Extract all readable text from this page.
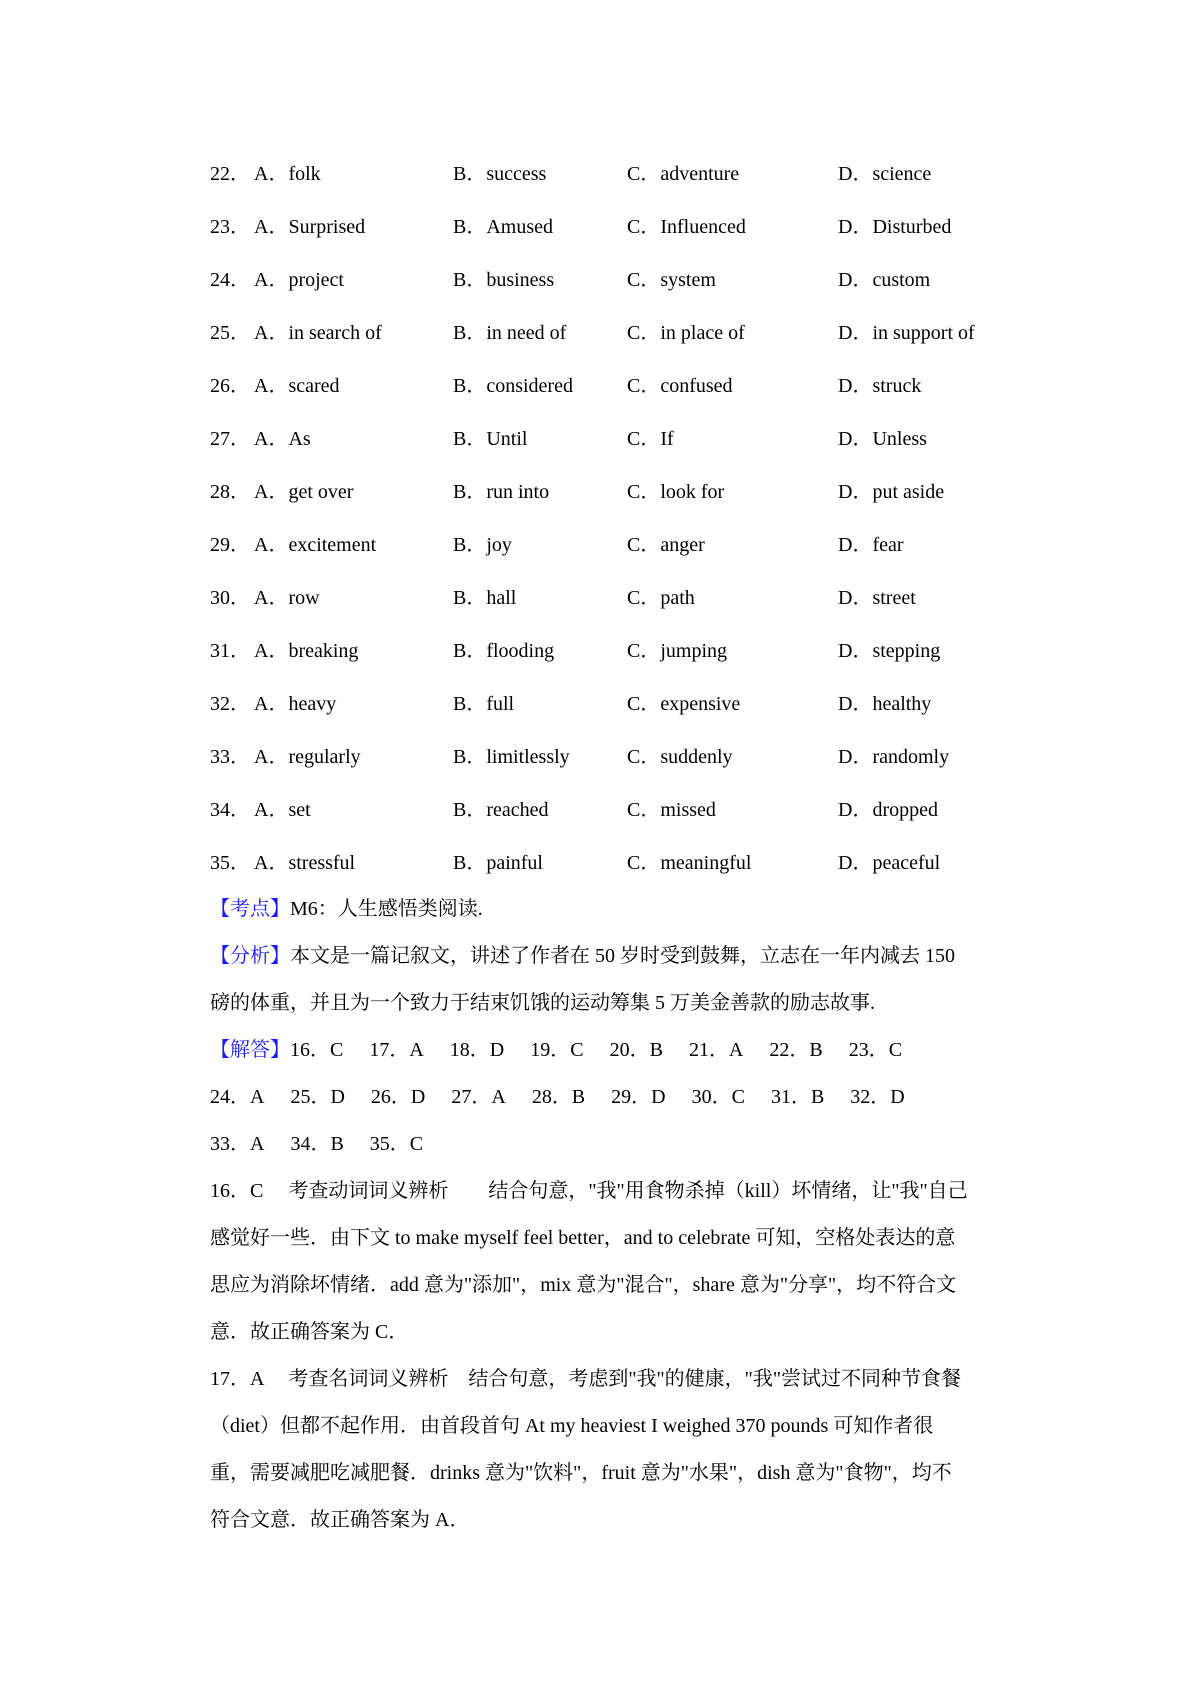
22． A．folk	B．success	C．adventure	D．science
23． A．Surprised	B．Amused	C．Influenced	D．Disturbed
24． A．project	B．business	C．system	D．custom
25． A．in search of	B．in need of	C．in place of	D．in support of
26． A．scared	B．considered	C．confused	D．struck
27． A．As	B．Until	C．If	D．Unless
28． A．get over	B．run into	C．look for	D．put aside
29． A．excitement	B．joy	C．anger	D．fear
30． A．row	B．hall	C．path	D．street
31． A．breaking	B．flooding	C．jumping	D．stepping
32． A．heavy	B．full	C．expensive	D．healthy
33． A．regularly	B．limitlessly	C．suddenly	D．randomly
34． A．set	B．reached	C．missed	D．dropped
35． A．stressful	B．painful	C．meaningful	D．peaceful
【考点】M6：人生感悟类阅读.
【分析】本文是一篇记叙文，讲述了作者在 50 岁时受到鼓舞，立志在一年内减去 150
磅的体重，并且为一个致力于结束饥饿的运动筹集 5 万美金善款的励志故事.
【解答】16．C 17．A 18．D 19．C 20．B 21．A 22．B 23．C
24．A 25．D 26．D 27．A 28．B 29．D 30．C 31．B 32．D
33．A 34．B 35．C
16．C　 考查动词词义辨析　　结合句意，"我"用食物杀掉（kill）坏情绪，让"我"自己
感觉好一些．由下文 to make myself feel better，and to celebrate 可知，空格处表达的意
思应为消除坏情绪．add 意为"添加"，mix 意为"混合"，share 意为"分享"，均不符合文
意．故正确答案为 C．
17．A　 考查名词词义辨析　结合句意，考虑到"我"的健康，"我"尝试过不同种节食餐
（diet）但都不起作用．由首段首句 At my heaviest I weighed 370 pounds 可知作者很
重，需要减肥吃减肥餐．drinks 意为"饮料"，fruit 意为"水果"，dish 意为"食物"，均不
符合文意．故正确答案为 A．
